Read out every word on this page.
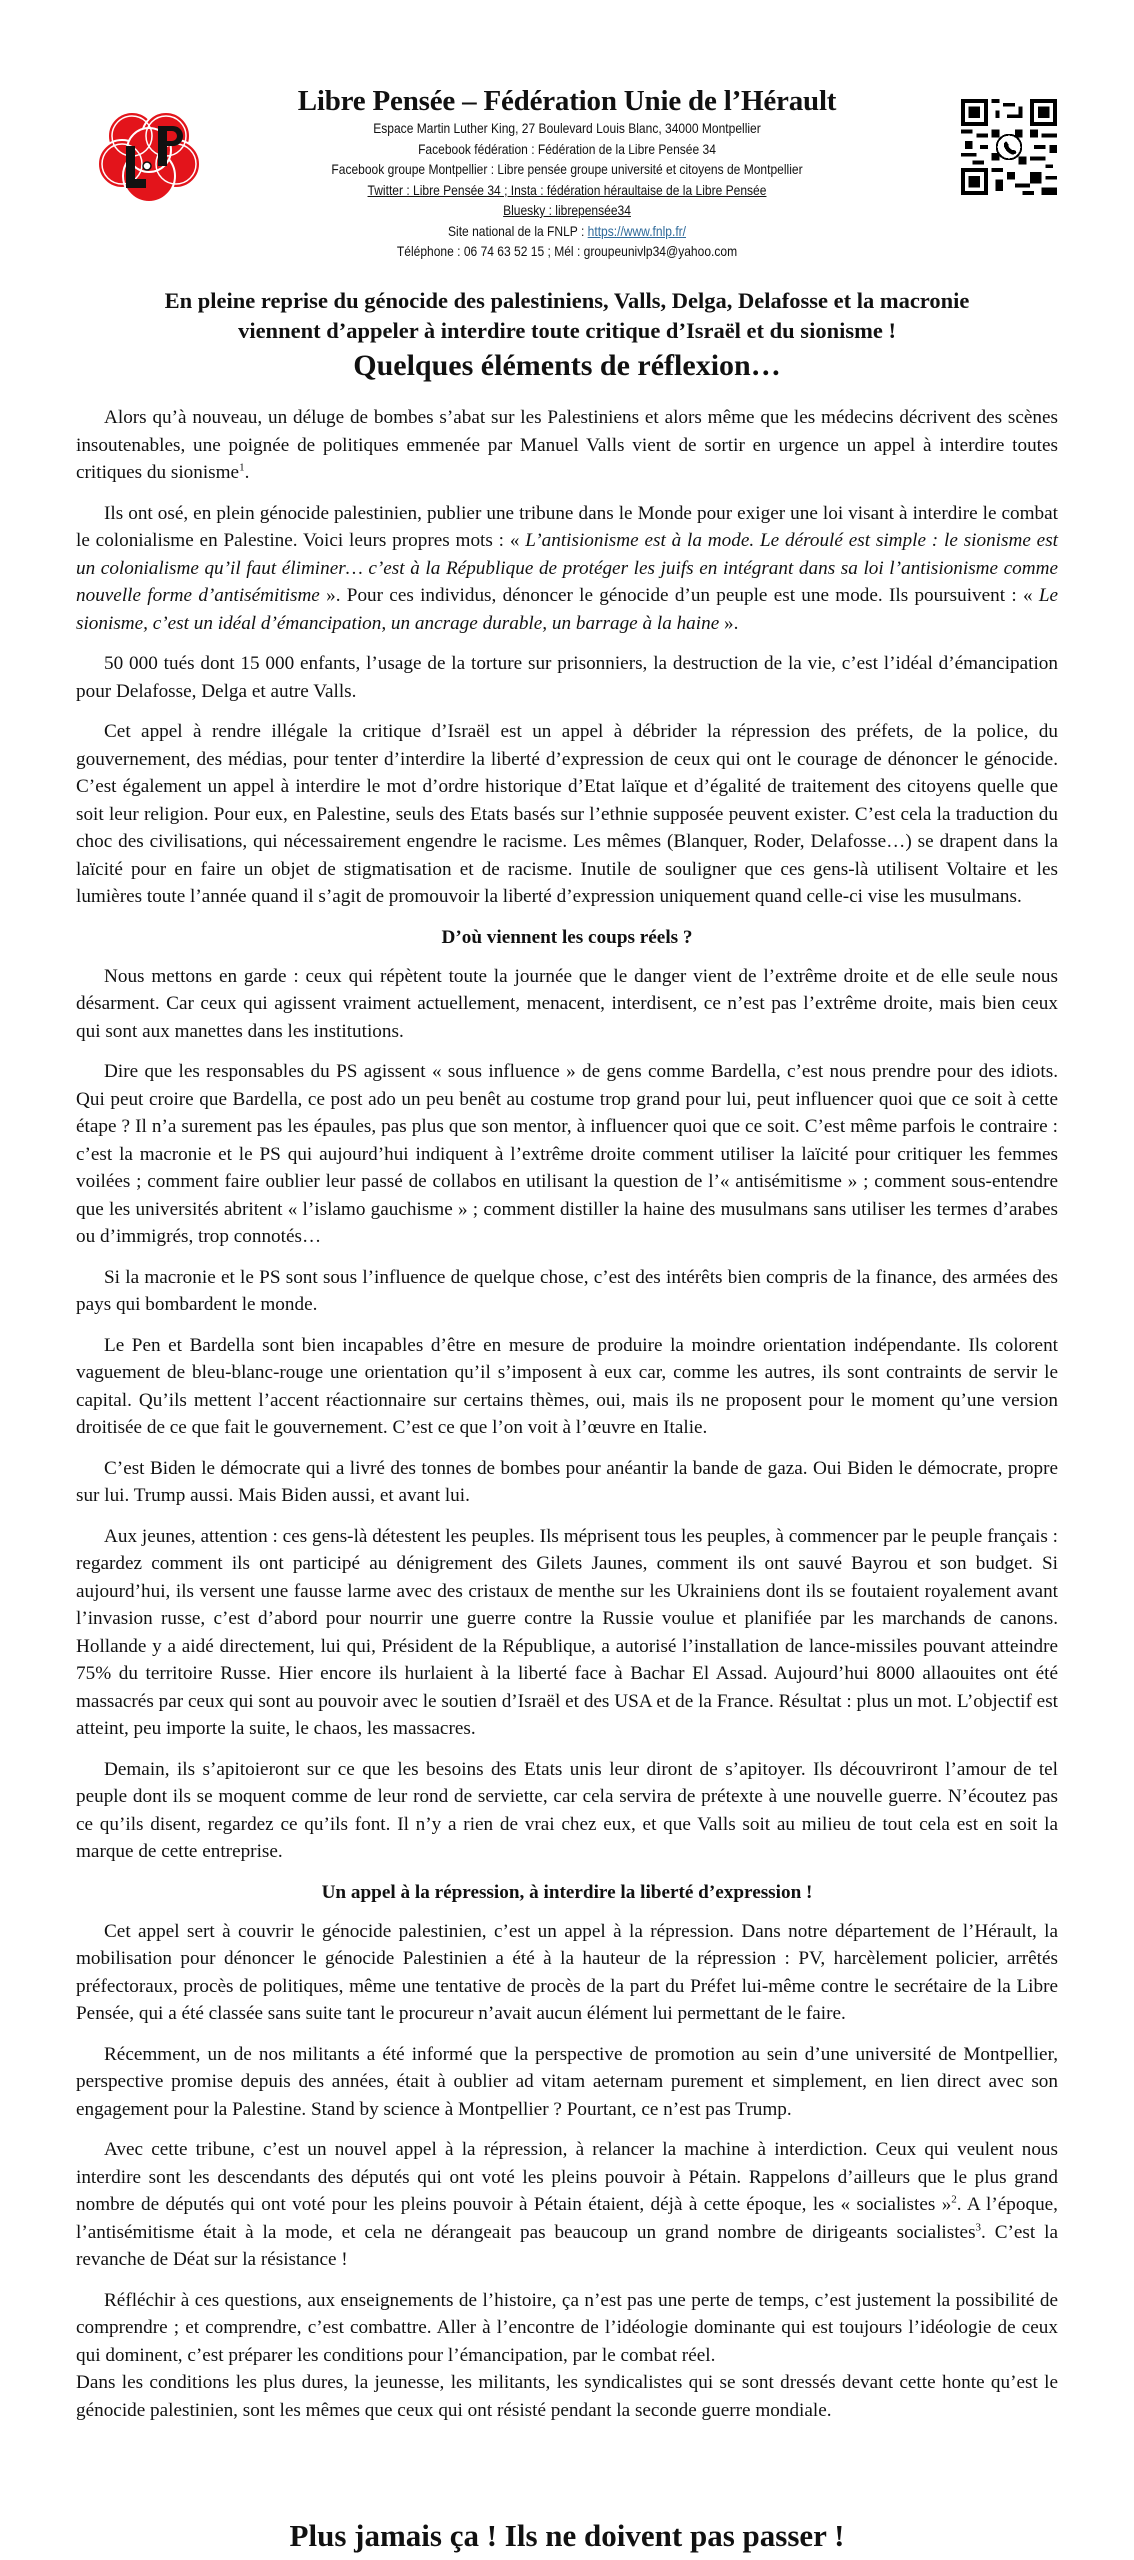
Libre Pensée – Fédération Unie de l’Hérault
Espace Martin Luther King, 27 Boulevard Louis Blanc, 34000 Montpellier
Facebook fédération : Fédération de la Libre Pensée 34
Facebook groupe Montpellier : Libre pensée groupe université et citoyens de Montpellier
Twitter : Libre Pensée 34 ; Insta : fédération héraultaise de la Libre Pensée
Bluesky : librepensée34
Site national de la FNLP : https://www.fnlp.fr/
Téléphone : 06 74 63 52 15 ; Mél : groupeunivlp34@yahoo.com
En pleine reprise du génocide des palestiniens, Valls, Delga, Delafosse et la macronie
viennent d’appeler à interdire toute critique d’Israël et du sionisme !
Quelques éléments de réflexion…

Alors qu’à nouveau, un déluge de bombes s’abat sur les Palestiniens et alors même que les médecins décrivent des scènes insoutenables, une poignée de politiques emmenée par Manuel Valls vient de sortir en urgence un appel à interdire toutes critiques du sionisme$^1$.

Ils ont osé, en plein génocide palestinien, publier une tribune dans le Monde pour exiger une loi visant à interdire le combat le colonialisme en Palestine. Voici leurs propres mots : « L’antisionisme est à la mode. Le déroulé est simple : le sionisme est un colonialisme qu’il faut éliminer… c’est à la République de protéger les juifs en intégrant dans sa loi l’antisionisme comme nouvelle forme d’antisémitisme ». Pour ces individus, dénoncer le génocide d’un peuple est une mode. Ils poursuivent : « Le sionisme, c’est un idéal d’émancipation, un ancrage durable, un barrage à la haine ».

50 000 tués dont 15 000 enfants, l’usage de la torture sur prisonniers, la destruction de la vie, c’est l’idéal d’émancipation pour Delafosse, Delga et autre Valls.

Cet appel à rendre illégale la critique d’Israël est un appel à débrider la répression des préfets, de la police, du gouvernement, des médias, pour tenter d’interdire la liberté d’expression de ceux qui ont le courage de dénoncer le génocide. C’est également un appel à interdire le mot d’ordre historique d’Etat laïque et d’égalité de traitement des citoyens quelle que soit leur religion. Pour eux, en Palestine, seuls des Etats basés sur l’ethnie supposée peuvent exister. C’est cela la traduction du choc des civilisations, qui nécessairement engendre le racisme. Les mêmes (Blanquer, Roder, Delafosse…) se drapent dans la laïcité pour en faire un objet de stigmatisation et de racisme. Inutile de souligner que ces gens-là utilisent Voltaire et les lumières toute l’année quand il s’agit de promouvoir la liberté d’expression uniquement quand celle-ci vise les musulmans.

D’où viennent les coups réels ?

Nous mettons en garde : ceux qui répètent toute la journée que le danger vient de l’extrême droite et de elle seule nous désarment. Car ceux qui agissent vraiment actuellement, menacent, interdisent, ce n’est pas l’extrême droite, mais bien ceux qui sont aux manettes dans les institutions.

Dire que les responsables du PS agissent « sous influence » de gens comme Bardella, c’est nous prendre pour des idiots. Qui peut croire que Bardella, ce post ado un peu benêt au costume trop grand pour lui, peut influencer quoi que ce soit à cette étape ? Il n’a surement pas les épaules, pas plus que son mentor, à influencer quoi que ce soit. C’est même parfois le contraire : c’est la macronie et le PS qui aujourd’hui indiquent à l’extrême droite comment utiliser la laïcité pour critiquer les femmes voilées ; comment faire oublier leur passé de collabos en utilisant la question de l’« antisémitisme » ; comment sous-entendre que les universités abritent « l’islamo gauchisme » ; comment distiller la haine des musulmans sans utiliser les termes d’arabes ou d’immigrés, trop connotés…

Si la macronie et le PS sont sous l’influence de quelque chose, c’est des intérêts bien compris de la finance, des armées des pays qui bombardent le monde.

Le Pen et Bardella sont bien incapables d’être en mesure de produire la moindre orientation indépendante. Ils colorent vaguement de bleu-blanc-rouge une orientation qu’il s’imposent à eux car, comme les autres, ils sont contraints de servir le capital. Qu’ils mettent l’accent réactionnaire sur certains thèmes, oui, mais ils ne proposent pour le moment qu’une version droitisée de ce que fait le gouvernement. C’est ce que l’on voit à l’œuvre en Italie.

C’est Biden le démocrate qui a livré des tonnes de bombes pour anéantir la bande de gaza. Oui Biden le démocrate, propre sur lui. Trump aussi. Mais Biden aussi, et avant lui.

Aux jeunes, attention : ces gens-là détestent les peuples. Ils méprisent tous les peuples, à commencer par le peuple français : regardez comment ils ont participé au dénigrement des Gilets Jaunes, comment ils ont sauvé Bayrou et son budget. Si aujourd’hui, ils versent une fausse larme avec des cristaux de menthe sur les Ukrainiens dont ils se foutaient royalement avant l’invasion russe, c’est d’abord pour nourrir une guerre contre la Russie voulue et planifiée par les marchands de canons. Hollande y a aidé directement, lui qui, Président de la République, a autorisé l’installation de lance-missiles pouvant atteindre 75% du territoire Russe. Hier encore ils hurlaient à la liberté face à Bachar El Assad. Aujourd’hui 8000 allaouites ont été massacrés par ceux qui sont au pouvoir avec le soutien d’Israël et des USA et de la France. Résultat : plus un mot. L’objectif est atteint, peu importe la suite, le chaos, les massacres.

Demain, ils s’apitoieront sur ce que les besoins des Etats unis leur diront de s’apitoyer. Ils découvriront l’amour de tel peuple dont ils se moquent comme de leur rond de serviette, car cela servira de prétexte à une nouvelle guerre. N’écoutez pas ce qu’ils disent, regardez ce qu’ils font. Il n’y a rien de vrai chez eux, et que Valls soit au milieu de tout cela est en soit la marque de cette entreprise.

Un appel à la répression, à interdire la liberté d’expression !

Cet appel sert à couvrir le génocide palestinien, c’est un appel à la répression. Dans notre département de l’Hérault, la mobilisation pour dénoncer le génocide Palestinien a été à la hauteur de la répression : PV, harcèlement policier, arrêtés préfectoraux, procès de politiques, même une tentative de procès de la part du Préfet lui-même contre le secrétaire de la Libre Pensée, qui a été classée sans suite tant le procureur n’avait aucun élément lui permettant de le faire.

Récemment, un de nos militants a été informé que la perspective de promotion au sein d’une université de Montpellier, perspective promise depuis des années, était à oublier ad vitam aeternam purement et simplement, en lien direct avec son engagement pour la Palestine. Stand by science à Montpellier ? Pourtant, ce n’est pas Trump.

Avec cette tribune, c’est un nouvel appel à la répression, à relancer la machine à interdiction. Ceux qui veulent nous interdire sont les descendants des députés qui ont voté les pleins pouvoir à Pétain. Rappelons d’ailleurs que le plus grand nombre de députés qui ont voté pour les pleins pouvoir à Pétain étaient, déjà à cette époque, les « socialistes »$^2$. A l’époque, l’antisémitisme était à la mode, et cela ne dérangeait pas beaucoup un grand nombre de dirigeants socialistes$^3$. C’est la revanche de Déat sur la résistance !

Réfléchir à ces questions, aux enseignements de l’histoire, ça n’est pas une perte de temps, c’est justement la possibilité de comprendre ; et comprendre, c’est combattre. Aller à l’encontre de l’idéologie dominante qui est toujours l’idéologie de ceux qui dominent, c’est préparer les conditions pour l’émancipation, par le combat réel.

Dans les conditions les plus dures, la jeunesse, les militants, les syndicalistes qui se sont dressés devant cette honte qu’est le génocide palestinien, sont les mêmes que ceux qui ont résisté pendant la seconde guerre mondiale.

Plus jamais ça ! Ils ne doivent pas passer !
